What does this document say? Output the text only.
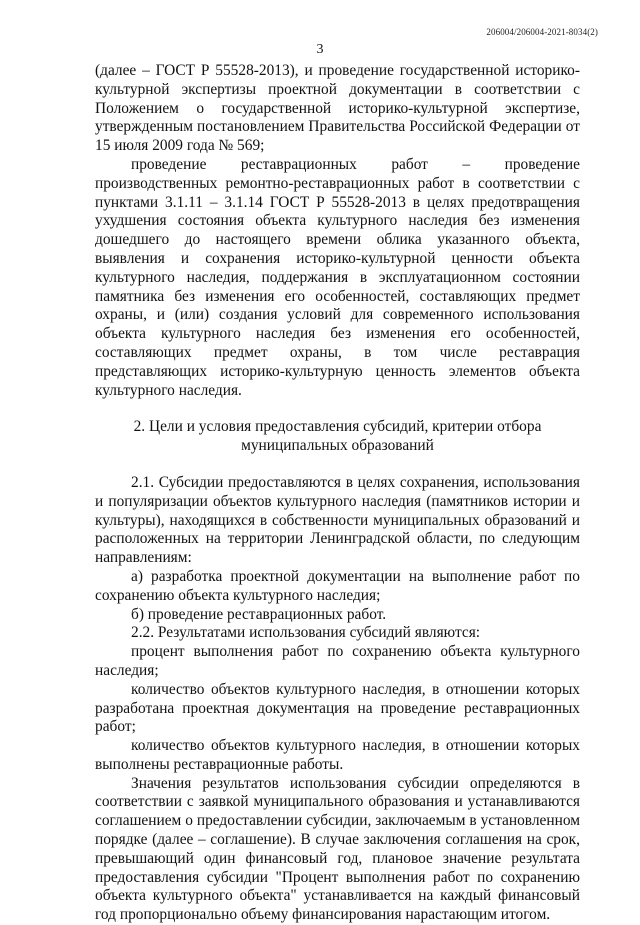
206004/206004-2021-8034(2)
3

(далее – ГОСТ Р 55528-2013), и проведение государственной историко-культурной экспертизы проектной документации в соответствии с Положением о государственной историко-культурной экспертизе, утвержденным постановлением Правительства Российской Федерации от 15 июля 2009 года № 569;

проведение реставрационных работ – проведение производственных ремонтно-реставрационных работ в соответствии с пунктами 3.1.11 – 3.1.14 ГОСТ Р 55528-2013 в целях предотвращения ухудшения состояния объекта культурного наследия без изменения дошедшего до настоящего времени облика указанного объекта, выявления и сохранения историко-культурной ценности объекта культурного наследия, поддержания в эксплуатационном состоянии памятника без изменения его особенностей, составляющих предмет охраны, и (или) создания условий для современного использования объекта культурного наследия без изменения его особенностей, составляющих предмет охраны, в том числе реставрация представляющих историко-культурную ценность элементов объекта культурного наследия.

2. Цели и условия предоставления субсидий, критерии отбора муниципальных образований

2.1. Субсидии предоставляются в целях сохранения, использования и популяризации объектов культурного наследия (памятников истории и культуры), находящихся в собственности муниципальных образований и расположенных на территории Ленинградской области, по следующим направлениям:

а) разработка проектной документации на выполнение работ по сохранению объекта культурного наследия;

б) проведение реставрационных работ.

2.2. Результатами использования субсидий являются:

процент выполнения работ по сохранению объекта культурного наследия;

количество объектов культурного наследия, в отношении которых разработана проектная документация на проведение реставрационных работ;

количество объектов культурного наследия, в отношении которых выполнены реставрационные работы.

Значения результатов использования субсидии определяются в соответствии с заявкой муниципального образования и устанавливаются соглашением о предоставлении субсидии, заключаемым в установленном порядке (далее – соглашение). В случае заключения соглашения на срок, превышающий один финансовый год, плановое значение результата предоставления субсидии "Процент выполнения работ по сохранению объекта культурного объекта" устанавливается на каждый финансовый год пропорционально объему финансирования нарастающим итогом.
